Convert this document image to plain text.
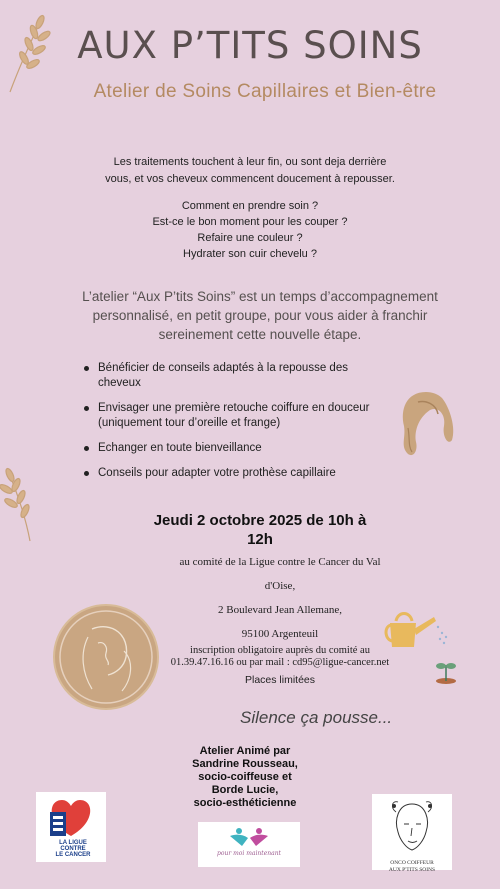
AUX P’TITS SOINS
Atelier de Soins Capillaires et Bien-être
Les traitements touchent à leur fin, ou sont deja derrière
vous, et vos cheveux commencent doucement à repousser.
Comment en prendre soin ?
Est-ce le bon moment pour les couper ?
Refaire une couleur ?
Hydrater son cuir chevelu ?
L’atelier “Aux P’tits Soins” est un temps d’accompagnement
personnalisé, en petit groupe, pour vous aider à franchir
sereinement cette nouvelle étape.
Bénéficier de conseils adaptés à la repousse des cheveux
Envisager une première retouche coiffure en douceur (uniquement tour d’oreille et frange)
Echanger en toute bienveillance
Conseils pour adapter votre prothèse capillaire
Jeudi 2 octobre 2025 de 10h à
12h
au comité de la Ligue contre le Cancer du Val
d'Oise,
2 Boulevard Jean Allemane,
95100 Argenteuil
inscription obligatoire auprès du comité au
01.39.47.16.16 ou par mail : cd95@ligue-cancer.net
Places limitées
Silence ça pousse...
Atelier Animé par
Sandrine Rousseau,
socio-coiffeuse et
Borde Lucie,
socio-esthéticienne
LA LIGUE
CONTRE
LE CANCER	pour moi maintenant
ONCO COIFFEUR
AUX P'TITS SOINS
